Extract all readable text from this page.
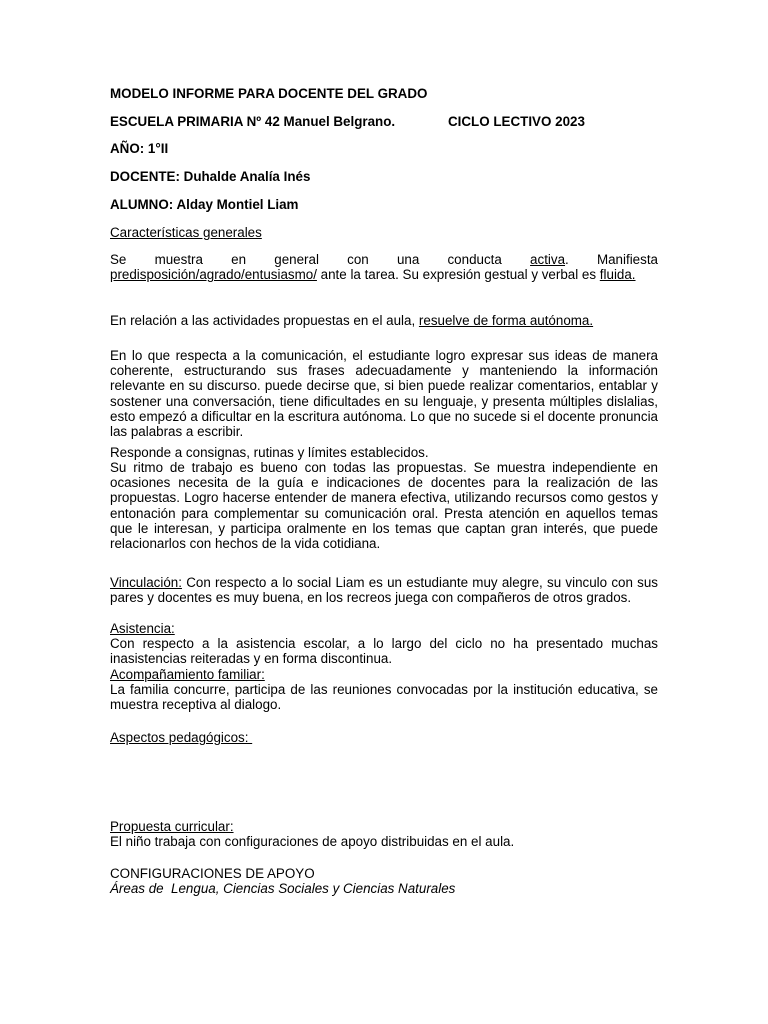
MODELO INFORME PARA DOCENTE DEL GRADO
ESCUELA PRIMARIA Nº 42 Manuel Belgrano.	CICLO LECTIVO 2023
AÑO: 1°II
DOCENTE: Duhalde Analía Inés
ALUMNO: Alday Montiel Liam
Características generales

Se muestra en general con una conducta activa. Manifiesta predisposición/agrado/entusiasmo/ ante la tarea. Su expresión gestual y verbal es fluida.

En relación a las actividades propuestas en el aula, resuelve de forma autónoma.

En lo que respecta a la comunicación, el estudiante logro expresar sus ideas de manera coherente, estructurando sus frases adecuadamente y manteniendo la información relevante en su discurso. puede decirse que, si bien puede realizar comentarios, entablar y sostener una conversación, tiene dificultades en su lenguaje, y presenta múltiples dislalias, esto empezó a dificultar en la escritura autónoma. Lo que no sucede si el docente pronuncia las palabras a escribir.

Responde a consignas, rutinas y límites establecidos.

Su ritmo de trabajo es bueno con todas las propuestas. Se muestra independiente en ocasiones necesita de la guía e indicaciones de docentes para la realización de las propuestas. Logro hacerse entender de manera efectiva, utilizando recursos como gestos y entonación para complementar su comunicación oral. Presta atención en aquellos temas que le interesan, y participa oralmente en los temas que captan gran interés, que puede relacionarlos con hechos de la vida cotidiana.

Vinculación: Con respecto a lo social Liam es un estudiante muy alegre, su vinculo con sus pares y docentes es muy buena, en los recreos juega con compañeros de otros grados.

Asistencia:
Con respecto a la asistencia escolar, a lo largo del ciclo no ha presentado muchas inasistencias reiteradas y en forma discontinua.
Acompañamiento familiar:
La familia concurre, participa de las reuniones convocadas por la institución educativa, se muestra receptiva al dialogo.
Aspectos pedagógicos:
Propuesta curricular:
El niño trabaja con configuraciones de apoyo distribuidas en el aula.
CONFIGURACIONES DE APOYO
Áreas de  Lengua, Ciencias Sociales y Ciencias Naturales
